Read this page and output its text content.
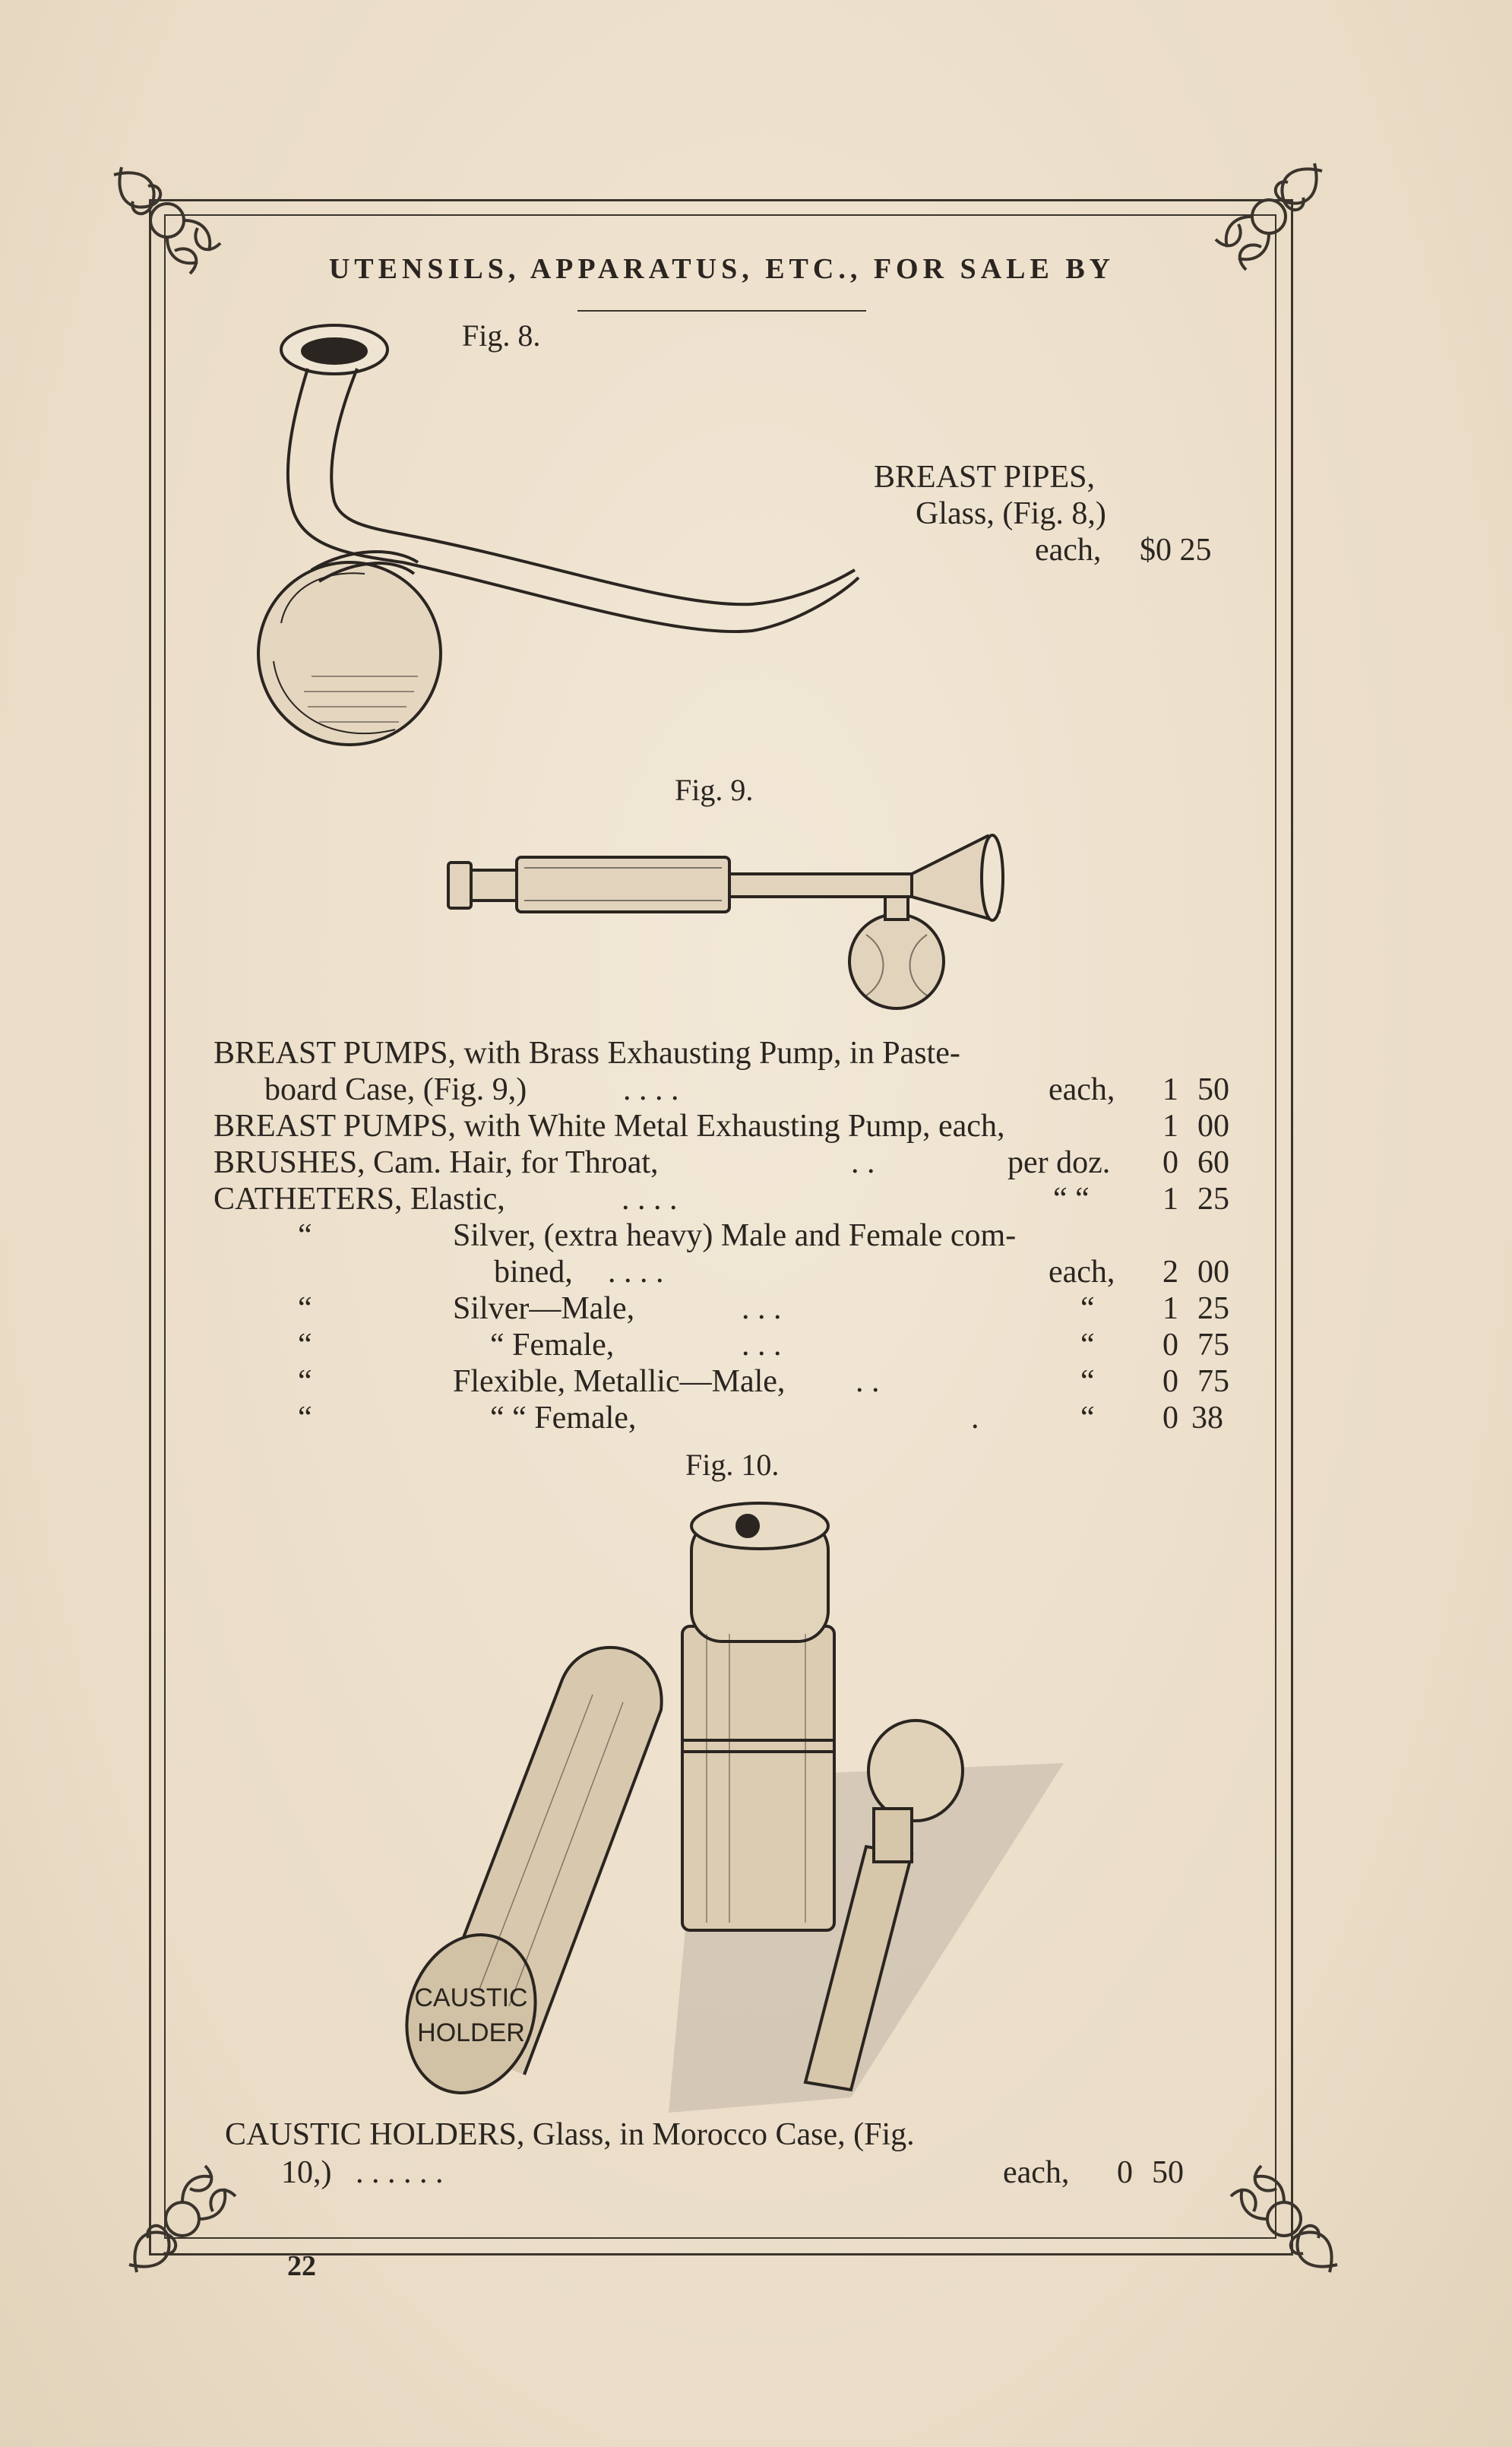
UTENSILS, APPARATUS, ETC., FOR SALE BY
Fig. 8.
BREAST PIPES,
Glass, (Fig. 8,)
each, $0 25
Fig. 9.
BREAST PUMPS, with Brass Exhausting Pump, in Paste-
board Case, (Fig. 9,)	. . . .	each, 1 50
BREAST PUMPS, with White Metal Exhausting Pump, each,	1 00
BRUSHES, Cam. Hair, for Throat,	. .	per doz. 0 60
CATHETERS, Elastic,	. . . .	“ “ 1 25
“	Silver, (extra heavy) Male and Female com-
bined, . . . .	each, 2 00
“	Silver—Male,	. . .	“ 1 25
“	“ Female,	. . .	“ 0 75
“	Flexible, Metallic—Male, . .	“ 0 75
“	“ “ Female,	.	“ 0 38
Fig. 10.
CAUSTIC
HOLDER
CAUSTIC HOLDERS, Glass, in Morocco Case, (Fig.
10,) . . . . . .	each, 0 50
22
